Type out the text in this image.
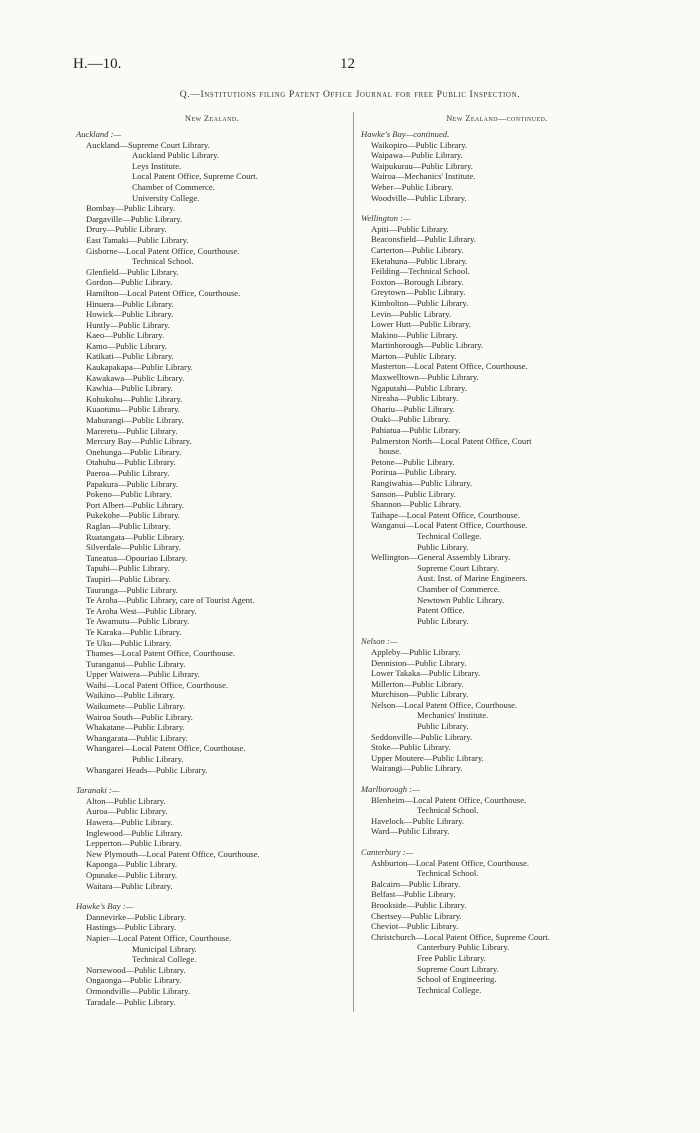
H.—10.	12
Q.—Institutions filing Patent Office Journal for free Public Inspection.
New Zealand.
Auckland :—
Auckland—Supreme Court Library.
Auckland Public Library.
Leys Institute.
Local Patent Office, Supreme Court.
Chamber of Commerce.
University College.
Bombay—Public Library.
Dargaville—Public Library.
Drury—Public Library.
East Tamaki—Public Library.
Gisborne—Local Patent Office, Courthouse.
Technical School.
Glenfield—Public Library.
Gordon—Public Library.
Hamilton—Local Patent Office, Courthouse.
Hinuera—Public Library.
Howick—Public Library.
Huntly—Public Library.
Kaeo—Public Library.
Kamo—Public Library.
Katikati—Public Library.
Kaukapakapa—Public Library.
Kawakawa—Public Library.
Kawhia—Public Library.
Kohukohu—Public Library.
Kuaotunu—Public Library.
Mahurangi—Public Library.
Mareretu—Public Library.
Mercury Bay—Public Library.
Onehunga—Public Library.
Otahuhu—Public Library.
Paeroa—Public Library.
Papakura—Public Library.
Pokeno—Public Library.
Port Albert—Public Library.
Pukekohe—Public Library.
Raglan—Public Library.
Ruatangata—Public Library.
Silverdale—Public Library.
Taneatua—Opouriao Library.
Tapuhi—Public Library.
Taupiri—Public Library.
Tauranga—Public Library.
Te Aroha—Public Library, care of Tourist Agent.
Te Aroha West—Public Library.
Te Awamutu—Public Library.
Te Karaka—Public Library.
Te Uku—Public Library.
Thames—Local Patent Office, Courthouse.
Turanganui—Public Library.
Upper Waiwera—Public Library.
Waihi—Local Patent Office, Courthouse.
Waikino—Public Library.
Waikumete—Public Library.
Wairoa South—Public Library.
Whakatane—Public Library.
Whangarata—Public Library.
Whangarei—Local Patent Office, Courthouse.
Public Library.
Whangarei Heads—Public Library.
Taranaki :—
Alton—Public Library.
Auroa—Public Library.
Hawera—Public Library.
Inglewood—Public Library.
Lepperton—Public Library.
New Plymouth—Local Patent Office, Courthouse.
Kaponga—Public Library.
Opunake—Public Library.
Waitara—Public Library.
Hawke's Bay :—
Dannevirke—Public Library.
Hastings—Public Library.
Napier—Local Patent Office, Courthouse.
Municipal Library.
Technical College.
Norsewood—Public Library.
Ongaonga—Public Library.
Ormondville—Public Library.
Taradale—Public Library.
New Zealand—continued.
Hawke's Bay—continued.
Waikopiro—Public Library.
Waipawa—Public Library.
Waipukurau—Public Library.
Wairoa—Mechanics' Institute.
Weber—Public Library.
Woodville—Public Library.
Wellington :—
Apiti—Public Library.
Beaconsfield—Public Library.
Carterton—Public Library.
Eketahuna—Public Library.
Feilding—Technical School.
Foxton—Borough Library.
Greytown—Public Library.
Kimbolton—Public Library.
Levin—Public Library.
Lower Hutt—Public Library.
Makino—Public Library.
Martinborough—Public Library.
Marton—Public Library.
Masterton—Local Patent Office, Courthouse.
Maxwelltown—Public Library.
Ngaputahi—Public Library.
Nireaha—Public Library.
Ohariu—Public Library.
Otaki—Public Library.
Pahiatua—Public Library.
Palmerston North—Local Patent Office, Court
house.
Petone—Public Library.
Porirua—Public Library.
Rangiwahia—Public Library.
Sanson—Public Library.
Shannon—Public Library.
Taihape—Local Patent Office, Courthouse.
Wanganui—Local Patent Office, Courthouse.
Technical College.
Public Library.
Wellington—General Assembly Library.
Supreme Court Library.
Aust. Inst. of Marine Engineers.
Chamber of Commerce.
Newtown Public Library.
Patent Office.
Public Library.
Nelson :—
Appleby—Public Library.
Denniston—Public Library.
Lower Takaka—Public Library.
Millerton—Public Library.
Murchison—Public Library.
Nelson—Local Patent Office, Courthouse.
Mechanics' Institute.
Public Library.
Seddonville—Public Library.
Stoke—Public Library.
Upper Moutere—Public Library.
Wairangi—Public Library.
Marlborough :—
Blenheim—Local Patent Office, Courthouse.
Technical School.
Havelock—Public Library.
Ward—Public Library.
Canterbury :—
Ashburton—Local Patent Office, Courthouse.
Technical School.
Balcairn—Public Library.
Belfast—Public Library.
Brookside—Public Library.
Chertsey—Public Library.
Cheviot—Public Library.
Christchurch—Local Patent Office, Supreme Court.
Canterbury Public Library.
Free Public Library.
Supreme Court Library.
School of Engineering.
Technical College.
